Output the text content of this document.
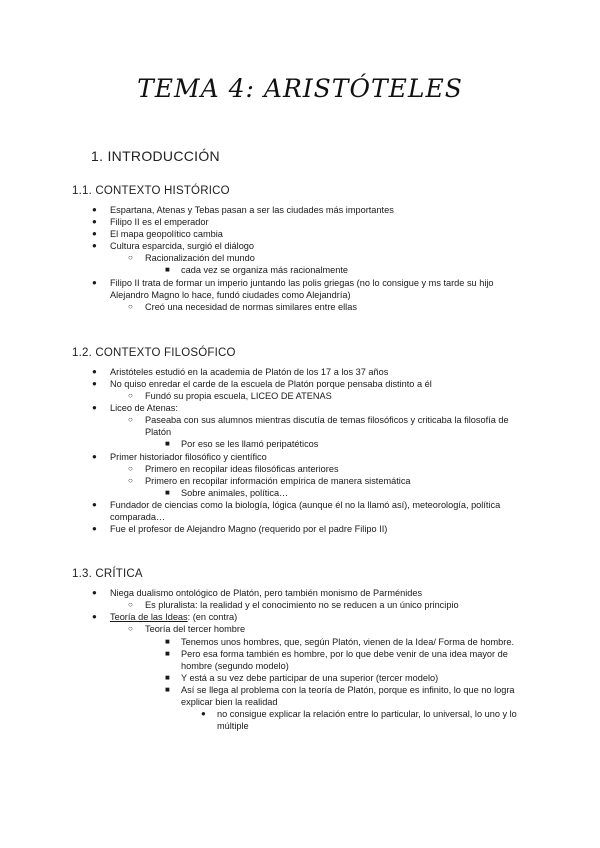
TEMA 4: ARISTÓTELES
1. INTRODUCCIÓN
1.1. CONTEXTO HISTÓRICO
● Espartana, Atenas y Tebas pasan a ser las ciudades más importantes
● Filipo II es el emperador
● El mapa geopolítico cambia
● Cultura esparcida, surgió el diálogo
○ Racionalización del mundo
■ cada vez se organiza más racionalmente
● Filipo II trata de formar un imperio juntando las polis griegas (no lo consigue y ms tarde su hijo
Alejandro Magno lo hace, fundó ciudades como Alejandría)
○ Creó una necesidad de normas similares entre ellas
1.2. CONTEXTO FILOSÓFICO
● Aristóteles estudió en la academia de Platón de los 17 a los 37 años
● No quiso enredar el carde de la escuela de Platón porque pensaba distinto a él
○ Fundó su propia escuela, LICEO DE ATENAS
● Liceo de Atenas:
○ Paseaba con sus alumnos mientras discutía de temas filosóficos y criticaba la filosofía de
Platón
■ Por eso se les llamó peripatéticos
● Primer historiador filosófico y científico
○ Primero en recopilar ideas filosóficas anteriores
○ Primero en recopilar información empírica de manera sistemática
■ Sobre animales, política…
● Fundador de ciencias como la biología, lógica (aunque él no la llamó así), meteorología, política
comparada…
● Fue el profesor de Alejandro Magno (requerido por el padre Filipo II)
1.3. CRÍTICA
● Niega dualismo ontológico de Platón, pero también monismo de Parménides
○ Es pluralista: la realidad y el conocimiento no se reducen a un único principio
● Teoría de las Ideas: (en contra)
○ Teoría del tercer hombre
■ Tenemos unos hombres, que, según Platón, vienen de la Idea/ Forma de hombre.
■ Pero esa forma también es hombre, por lo que debe venir de una idea mayor de
hombre (segundo modelo)
■ Y está a su vez debe participar de una superior (tercer modelo)
■ Así se llega al problema con la teoría de Platón, porque es infinito, lo que no logra
explicar bien la realidad
● no consigue explicar la relación entre lo particular, lo universal, lo uno y lo
múltiple
